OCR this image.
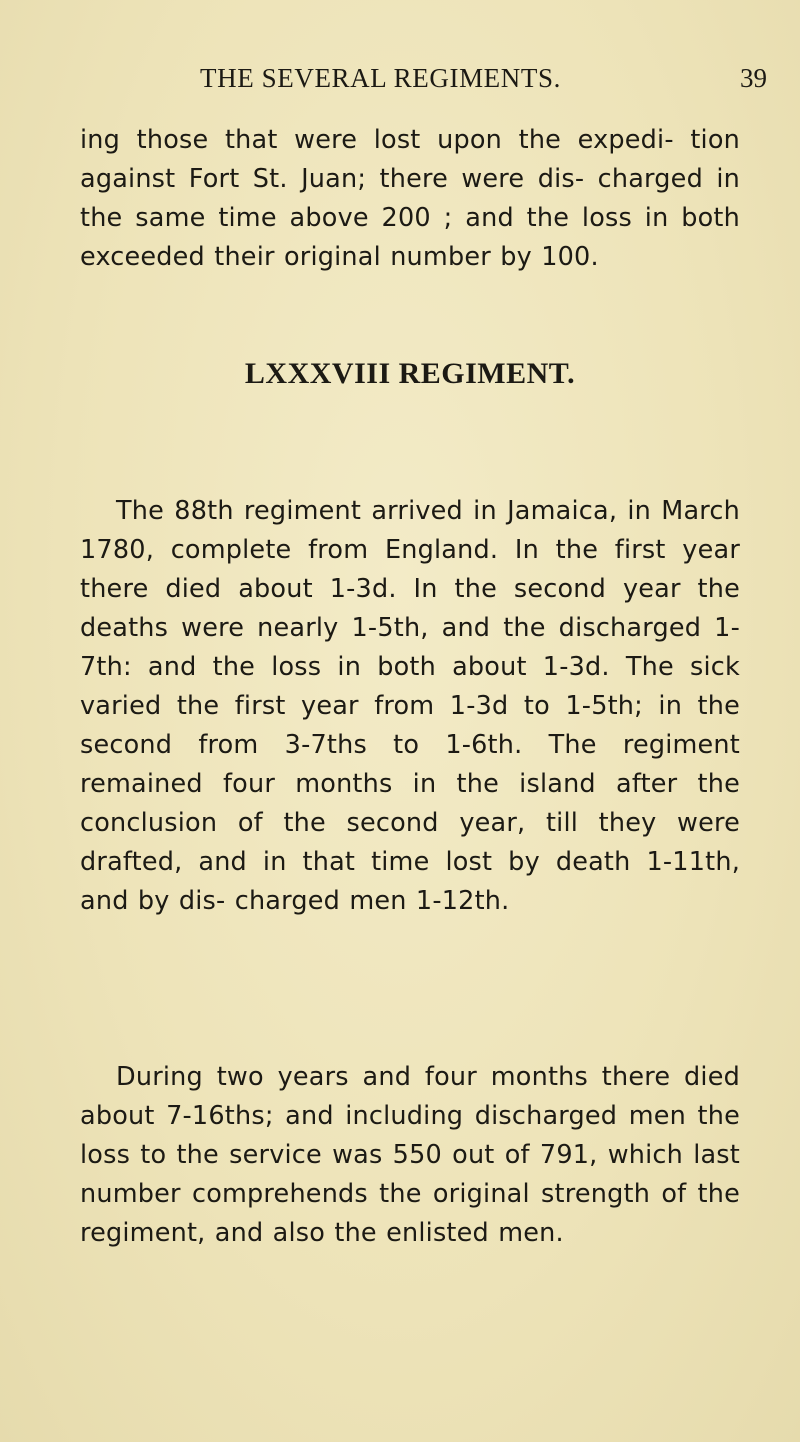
THE SEVERAL REGIMENTS.	39

ing those that were lost upon the expedi- tion against Fort St. Juan; there were dis- charged in the same time above 200 ; and the loss in both exceeded their original number by 100.

LXXXVIII REGIMENT.

The 88th regiment arrived in Jamaica, in March 1780, complete from England. In the first year there died about 1-3d. In the second year the deaths were nearly 1-5th, and the discharged 1-7th: and the loss in both about 1-3d. The sick varied the first year from 1-3d to 1-5th; in the second from 3-7ths to 1-6th. The regiment remained four months in the island after the conclusion of the second year, till they were drafted, and in that time lost by death 1-11th, and by dis- charged men 1-12th.

During two years and four months there died about 7-16ths; and including discharged men the loss to the service was 550 out of 791, which last number comprehends the original strength of the regiment, and also the enlisted men.
